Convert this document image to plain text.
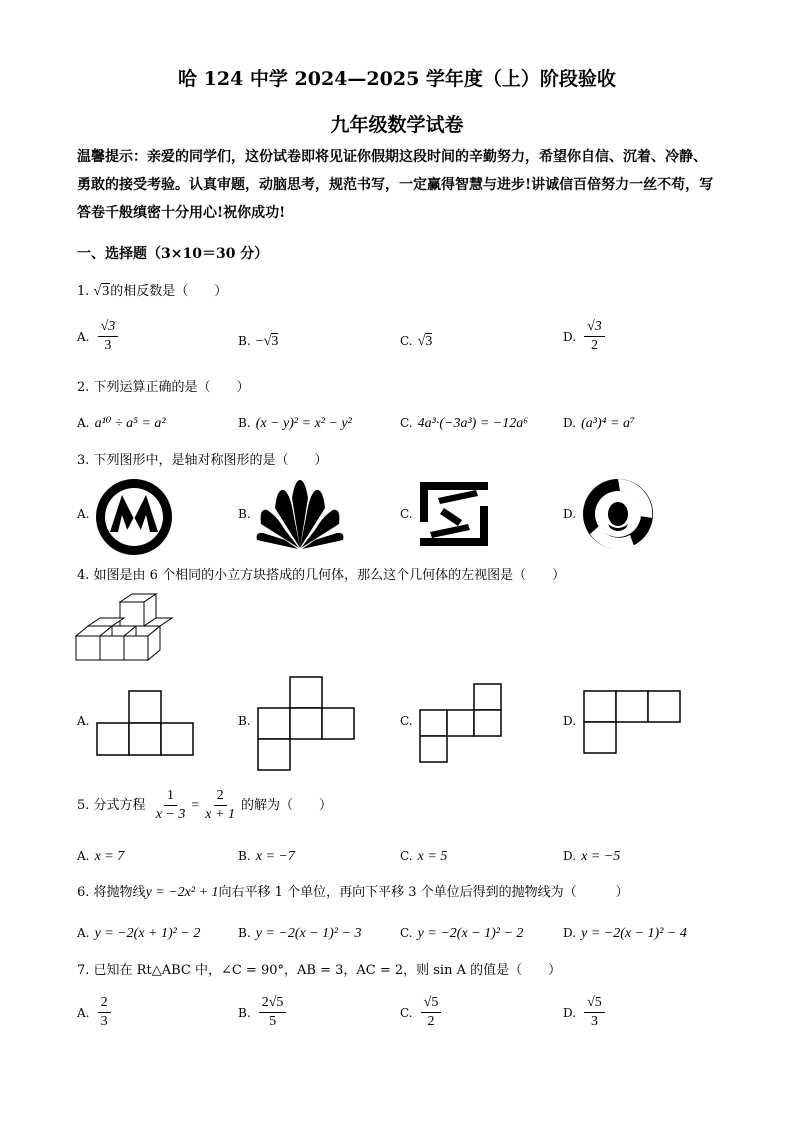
哈 124 中学 2024—2025 学年度（上）阶段验收
九年级数学试卷
温馨提示：亲爱的同学们，这份试卷即将见证你假期这段时间的辛勤努力，希望你自信、沉着、冷静、勇敢的接受考验。认真审题，动脑思考，规范书写，一定赢得智慧与进步!讲诚信百倍努力一丝不苟，写答卷千般缜密十分用心!祝你成功!
一、选择题（3×10＝30 分）
1. √3的相反数是（　　）
A. $\frac{√3}{3}$	B. −√3	C. √3	D. $\frac{√3}{2}$
2. 下列运算正确的是（　　）
A. a¹⁰ ÷ a⁵ = a²	B. (x − y)² = x² − y²	C. 4a³·(−3a³) = −12a⁶	D. (a³)⁴ = a⁷
3. 下列图形中，是轴对称图形的是（　　）
A.	B.	C.	D.
4. 如图是由 6 个相同的小立方块搭成的几何体，那么这个几何体的左视图是（　　）
A.	B.	C.	D.
5. 分式方程 $\frac{1}{x - 3} = \frac{2}{x + 1}$ 的解为（　　）
A. x = 7	B. x = −7	C. x = 5	D. x = −5
6. 将抛物线y = −2x² + 1向右平移 1 个单位，再向下平移 3 个单位后得到的抛物线为（　　　）
A. y = −2(x + 1)² − 2	B. y = −2(x − 1)² − 3	C. y = −2(x − 1)² − 2	D. y = −2(x − 1)² − 4
7. 已知在 Rt△ABC 中，∠C = 90°，AB = 3，AC = 2，则 sin A 的值是（　　）
A. $\frac{2}{3}$	B. $\frac{2√5}{5}$	C. $\frac{√5}{2}$	D. $\frac{√5}{3}$
